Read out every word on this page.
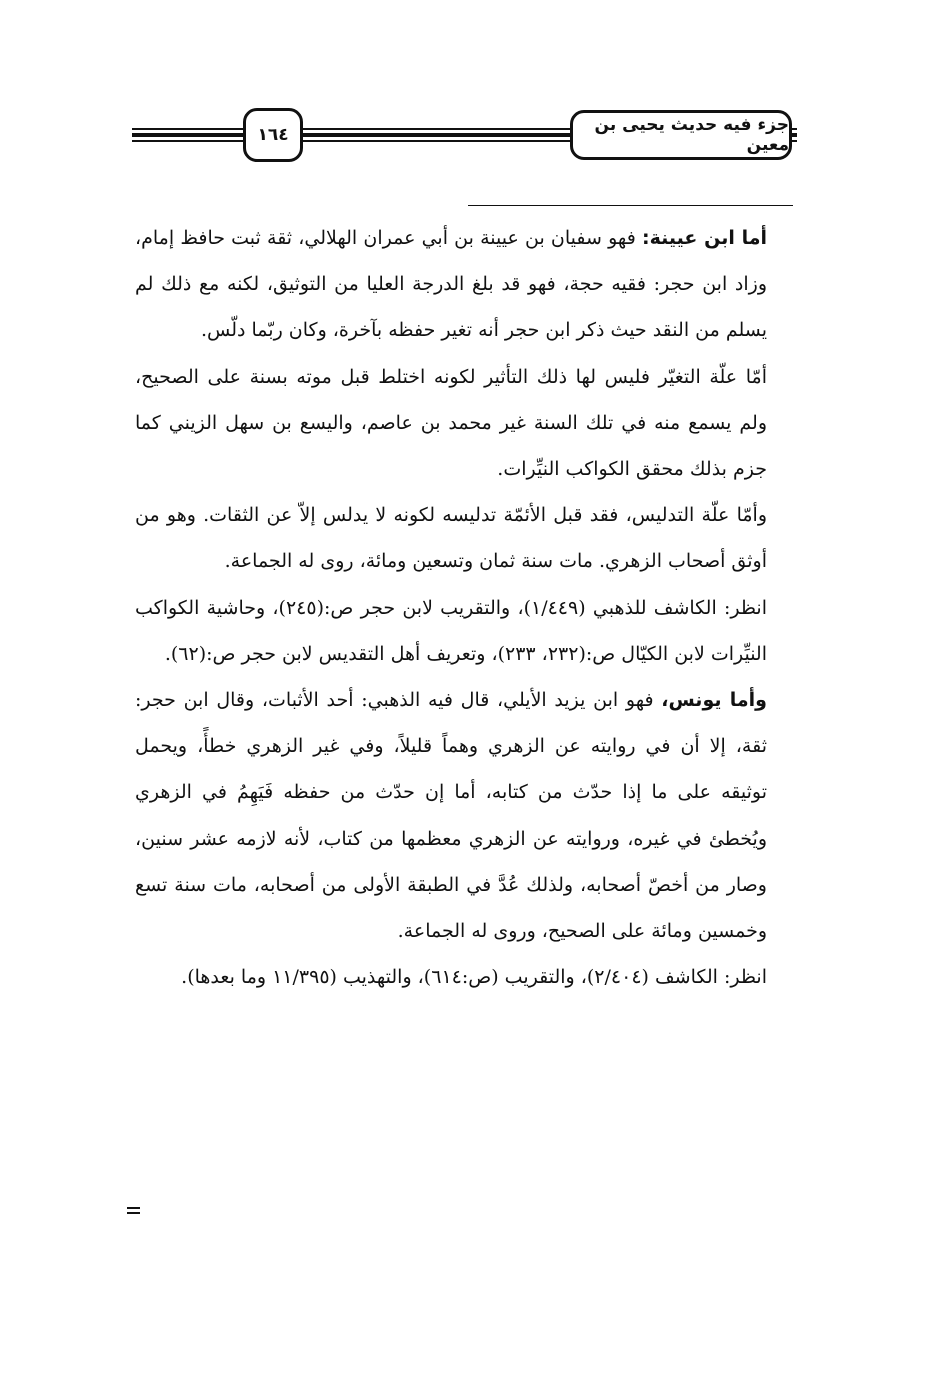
جزء فيه حديث يحيى بن معين
١٦٤

أما ابن عيينة: فهو سفيان بن عيينة بن أبي عمران الهلالي، ثقة ثبت حافظ إمام، وزاد ابن حجر: فقيه حجة، فهو قد بلغ الدرجة العليا من التوثيق، لكنه مع ذلك لم يسلم من النقد حيث ذكر ابن حجر أنه تغير حفظه بآخرة، وكان ربّما دلّس.

أمّا علّة التغيّر فليس لها ذلك التأثير لكونه اختلط قبل موته بسنة على الصحيح، ولم يسمع منه في تلك السنة غير محمد بن عاصم، واليسع بن سهل الزيني كما جزم بذلك محقق الكواكب النيِّرات.

وأمّا علّة التدليس، فقد قبل الأئمّة تدليسه لكونه لا يدلس إلاّ عن الثقات. وهو من أوثق أصحاب الزهري. مات سنة ثمان وتسعين ومائة، روى له الجماعة.

انظر: الكاشف للذهبي (١/٤٤٩)، والتقريب لابن حجر ص:(٢٤٥)، وحاشية الكواكب النيِّرات لابن الكيّال ص:(٢٣٢، ٢٣٣)، وتعريف أهل التقديس لابن حجر ص:(٦٢).

وأما يونس، فهو ابن يزيد الأيلي، قال فيه الذهبي: أحد الأثبات، وقال ابن حجر: ثقة، إلا أن في روايته عن الزهري وهماً قليلاً، وفي غير الزهري خطأً، ويحمل توثيقه على ما إذا حدّث من كتابه، أما إن حدّث من حفظه فَيَهِمُ في الزهري ويُخطئ في غيره، وروايته عن الزهري معظمها من كتاب، لأنه لازمه عشر سنين، وصار من أخصّ أصحابه، ولذلك عُدَّ في الطبقة الأولى من أصحابه، مات سنة تسع وخمسين ومائة على الصحيح، وروى له الجماعة.

انظر: الكاشف (٢/٤٠٤)، والتقريب (ص:٦١٤)، والتهذيب (١١/٣٩٥ وما بعدها).
